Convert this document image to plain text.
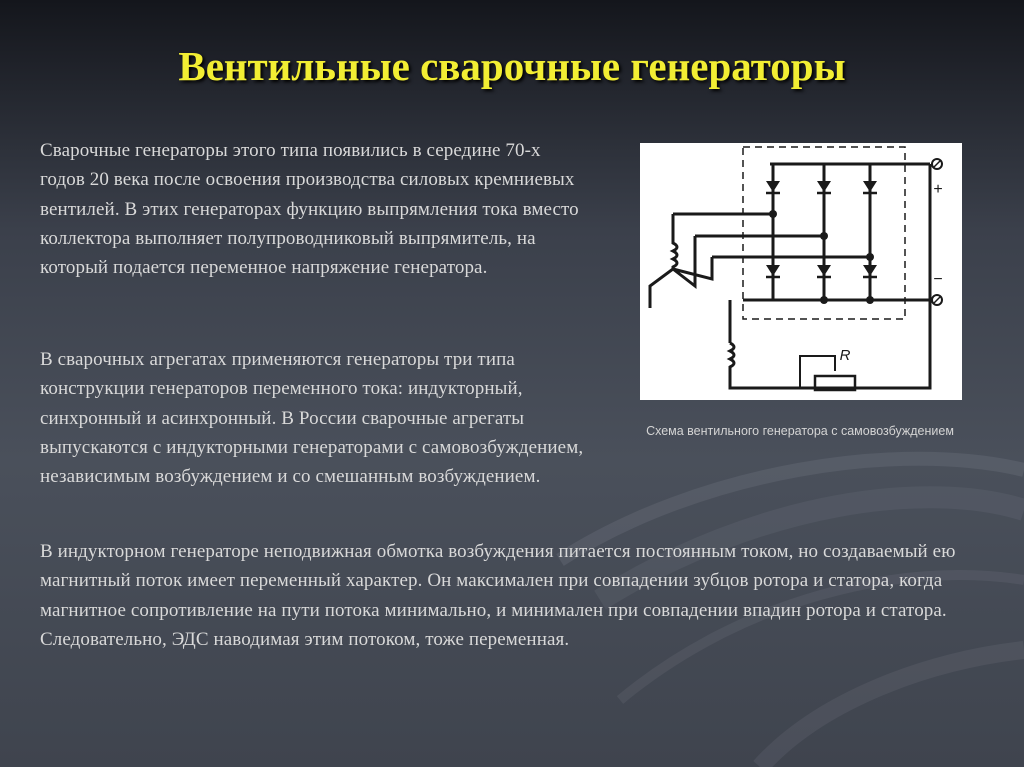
Вентильные сварочные генераторы

Сварочные генераторы этого типа появились в середине 70-х годов 20 века после освоения производства силовых кремниевых вентилей. В этих генераторах функцию выпрямления тока вместо коллектора выполняет полупроводниковый выпрямитель, на который подается переменное напряжение генератора.

В сварочных агрегатах применяются генераторы три типа конструкции генераторов переменного тока: индукторный, синхронный и асинхронный. В России сварочные агрегаты выпускаются с индукторными генераторами с самовозбуждением, независимым возбуждением и со смешанным возбуждением.

+
−
R

Схема вентильного генератора с самовозбуждением

В индукторном генераторе неподвижная обмотка возбуждения питается постоянным током, но создаваемый ею магнитный поток имеет переменный характер. Он максимален при совпадении зубцов ротора и статора, когда магнитное сопротивление на пути потока минимально, и минимален при совпадении впадин ротора и статора. Следовательно, ЭДС наводимая этим потоком, тоже переменная.
